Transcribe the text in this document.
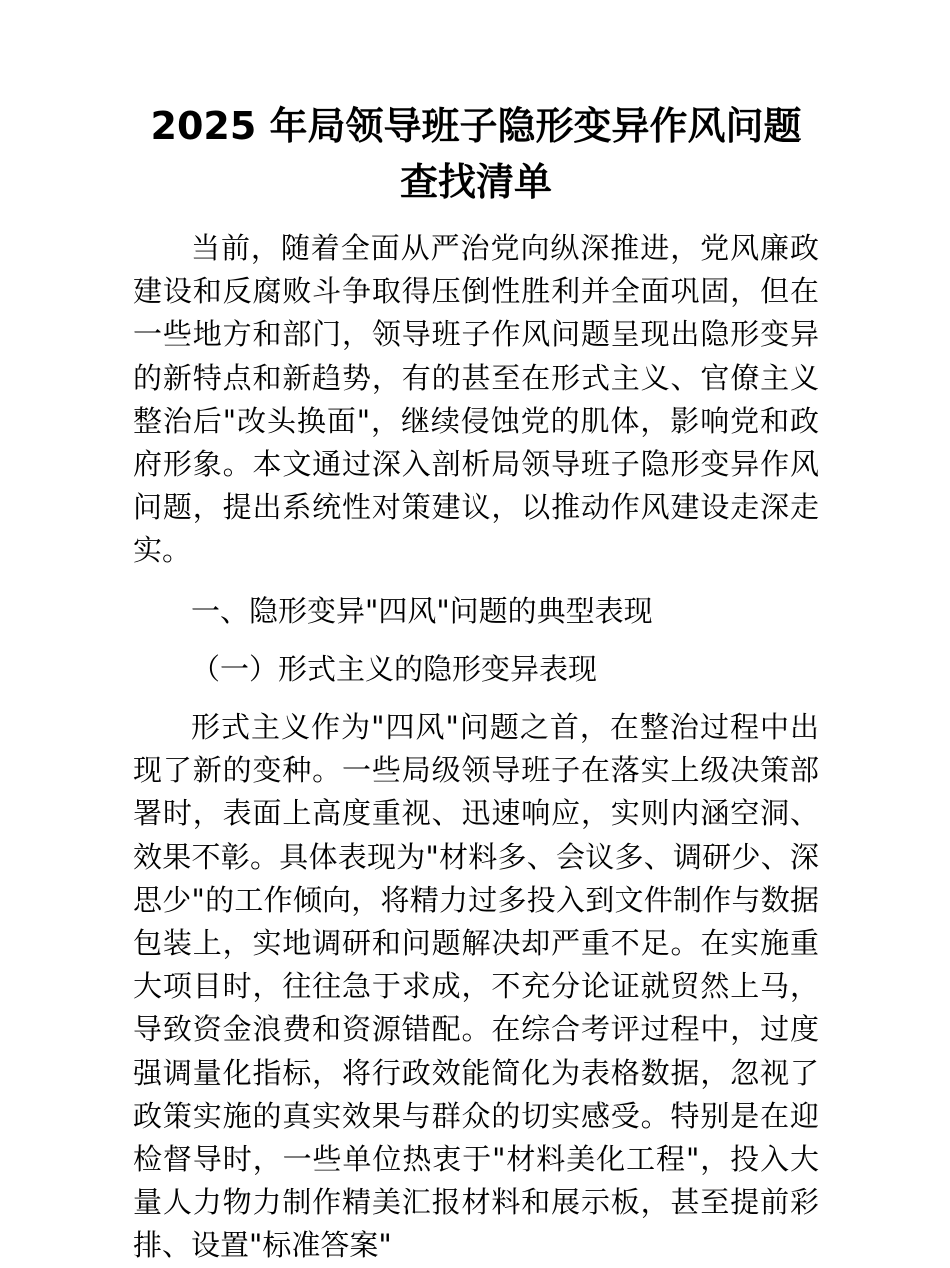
2025 年局领导班子隐形变异作风问题查找清单

当前，随着全面从严治党向纵深推进，党风廉政建设和反腐败斗争取得压倒性胜利并全面巩固，但在一些地方和部门，领导班子作风问题呈现出隐形变异的新特点和新趋势，有的甚至在形式主义、官僚主义整治后"改头换面"，继续侵蚀党的肌体，影响党和政府形象。本文通过深入剖析局领导班子隐形变异作风问题，提出系统性对策建议，以推动作风建设走深走实。

一、隐形变异"四风"问题的典型表现

（一）形式主义的隐形变异表现

形式主义作为"四风"问题之首，在整治过程中出现了新的变种。一些局级领导班子在落实上级决策部署时，表面上高度重视、迅速响应，实则内涵空洞、效果不彰。具体表现为"材料多、会议多、调研少、深思少"的工作倾向，将精力过多投入到文件制作与数据包装上，实地调研和问题解决却严重不足。在实施重大项目时，往往急于求成，不充分论证就贸然上马，导致资金浪费和资源错配。在综合考评过程中，过度强调量化指标，将行政效能简化为表格数据，忽视了政策实施的真实效果与群众的切实感受。特别是在迎检督导时，一些单位热衷于"材料美化工程"，投入大量人力物力制作精美汇报材料和展示板，甚至提前彩排、设置"标准答案"
